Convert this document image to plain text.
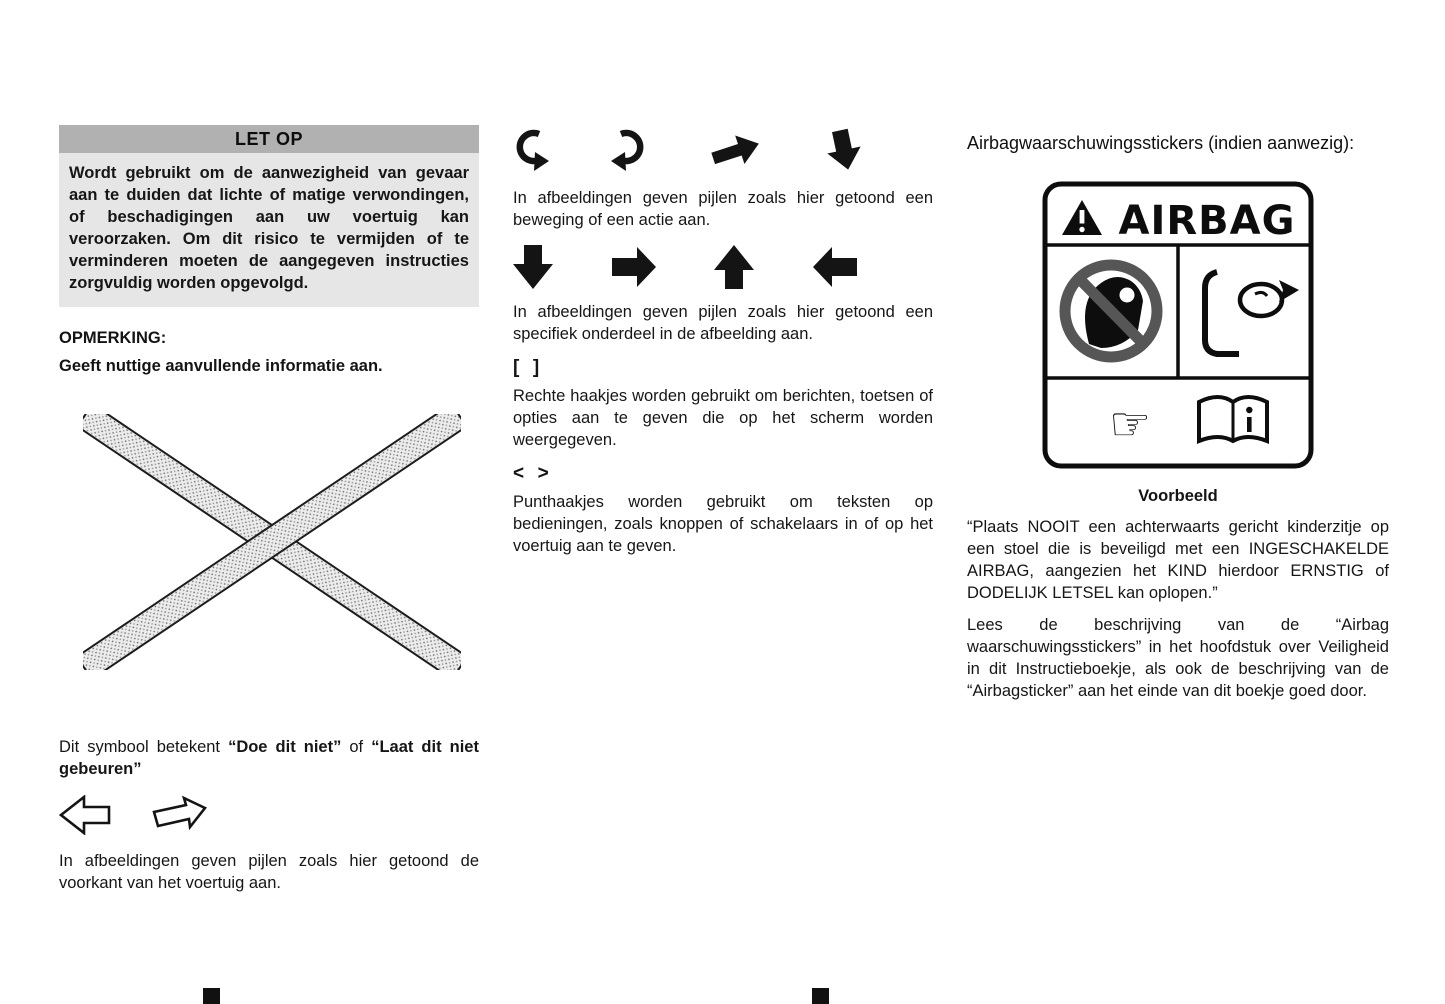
LET OP

Wordt gebruikt om de aanwezigheid van gevaar aan te duiden dat lichte of matige verwondingen, of beschadigingen aan uw voertuig kan veroorzaken. Om dit risico te vermijden of te verminderen moeten de aangegeven instructies zorgvuldig worden opgevolgd.

OPMERKING:

Geeft nuttige aanvullende informatie aan.

Dit symbool betekent “Doe dit niet” of “Laat dit niet gebeuren”

In afbeeldingen geven pijlen zoals hier getoond de voorkant van het voertuig aan.

In afbeeldingen geven pijlen zoals hier getoond een beweging of een actie aan.

In afbeeldingen geven pijlen zoals hier getoond een specifiek onderdeel in de afbeelding aan.

[  ]

Rechte haakjes worden gebruikt om berichten, toetsen of opties aan te geven die op het scherm worden weergegeven.

<  >

Punthaakjes worden gebruikt om teksten op bedieningen, zoals knoppen of schakelaars in of op het voertuig aan te geven.

Airbagwaarschuwingsstickers (indien aanwezig):
AIRBAG
☞

Voorbeeld

“Plaats NOOIT een achterwaarts gericht kinderzitje op een stoel die is beveiligd met een INGESCHAKELDE AIRBAG, aangezien het KIND hierdoor ERNSTIG of DODELIJK LETSEL kan oplopen.”

Lees de beschrijving van de “Airbag waarschuwingsstickers” in het hoofdstuk over Veiligheid in dit Instructieboekje, als ook de beschrijving van de “Airbagsticker” aan het einde van dit boekje goed door.
